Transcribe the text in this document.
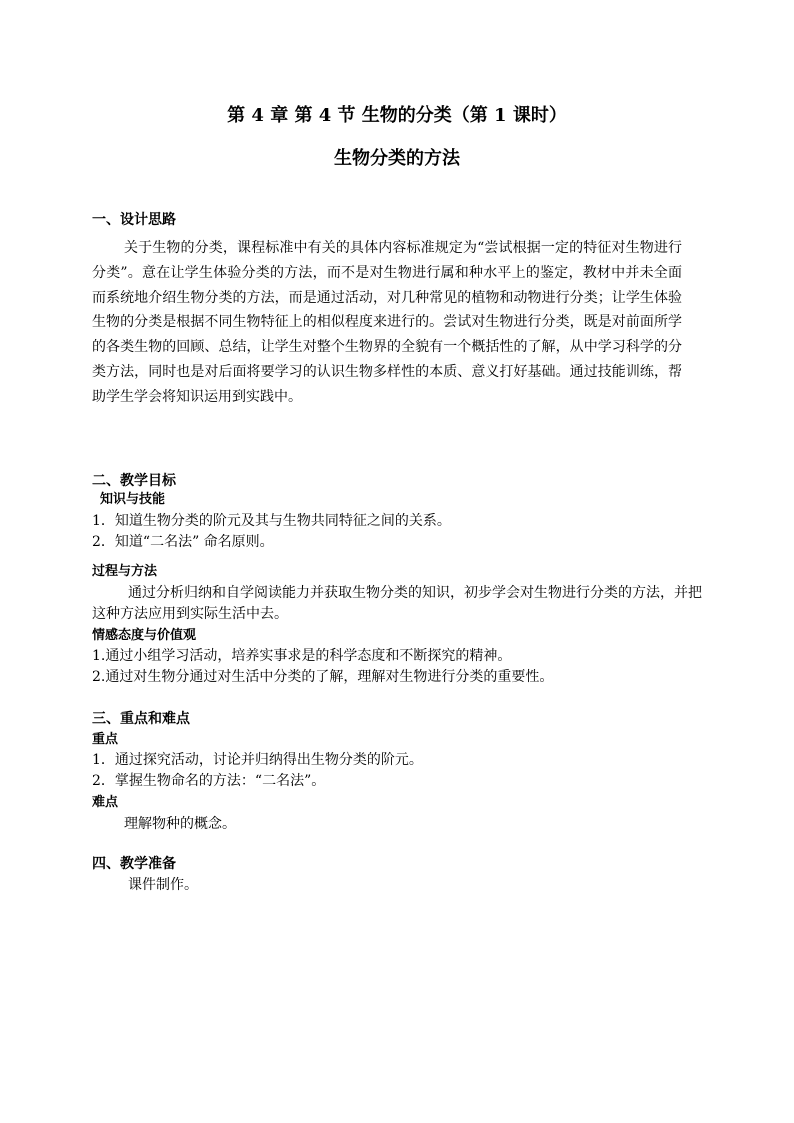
第 4 章 第 4 节 生物的分类（第 1 课时）
生物分类的方法
一、设计思路
关于生物的分类，课程标准中有关的具体内容标准规定为“尝试根据一定的特征对生物进行分类”。意在让学生体验分类的方法，而不是对生物进行属和种水平上的鉴定，教材中并未全面而系统地介绍生物分类的方法，而是通过活动，对几种常见的植物和动物进行分类；让学生体验生物的分类是根据不同生物特征上的相似程度来进行的。尝试对生物进行分类，既是对前面所学的各类生物的回顾、总结，让学生对整个生物界的全貌有一个概括性的了解，从中学习科学的分类方法，同时也是对后面将要学习的认识生物多样性的本质、意义打好基础。通过技能训练，帮助学生学会将知识运用到实践中。
二、教学目标
知识与技能
1．知道生物分类的阶元及其与生物共同特征之间的关系。
2．知道“二名法” 命名原则。
过程与方法
通过分析归纳和自学阅读能力并获取生物分类的知识，初步学会对生物进行分类的方法，并把这种方法应用到实际生活中去。
情感态度与价值观
1.通过小组学习活动，培养实事求是的科学态度和不断探究的精神。
2.通过对生物分通过对生活中分类的了解，理解对生物进行分类的重要性。
三、重点和难点
重点
1．通过探究活动，讨论并归纳得出生物分类的阶元。
2．掌握生物命名的方法：“二名法”。
难点
理解物种的概念。
四、教学准备
课件制作。
